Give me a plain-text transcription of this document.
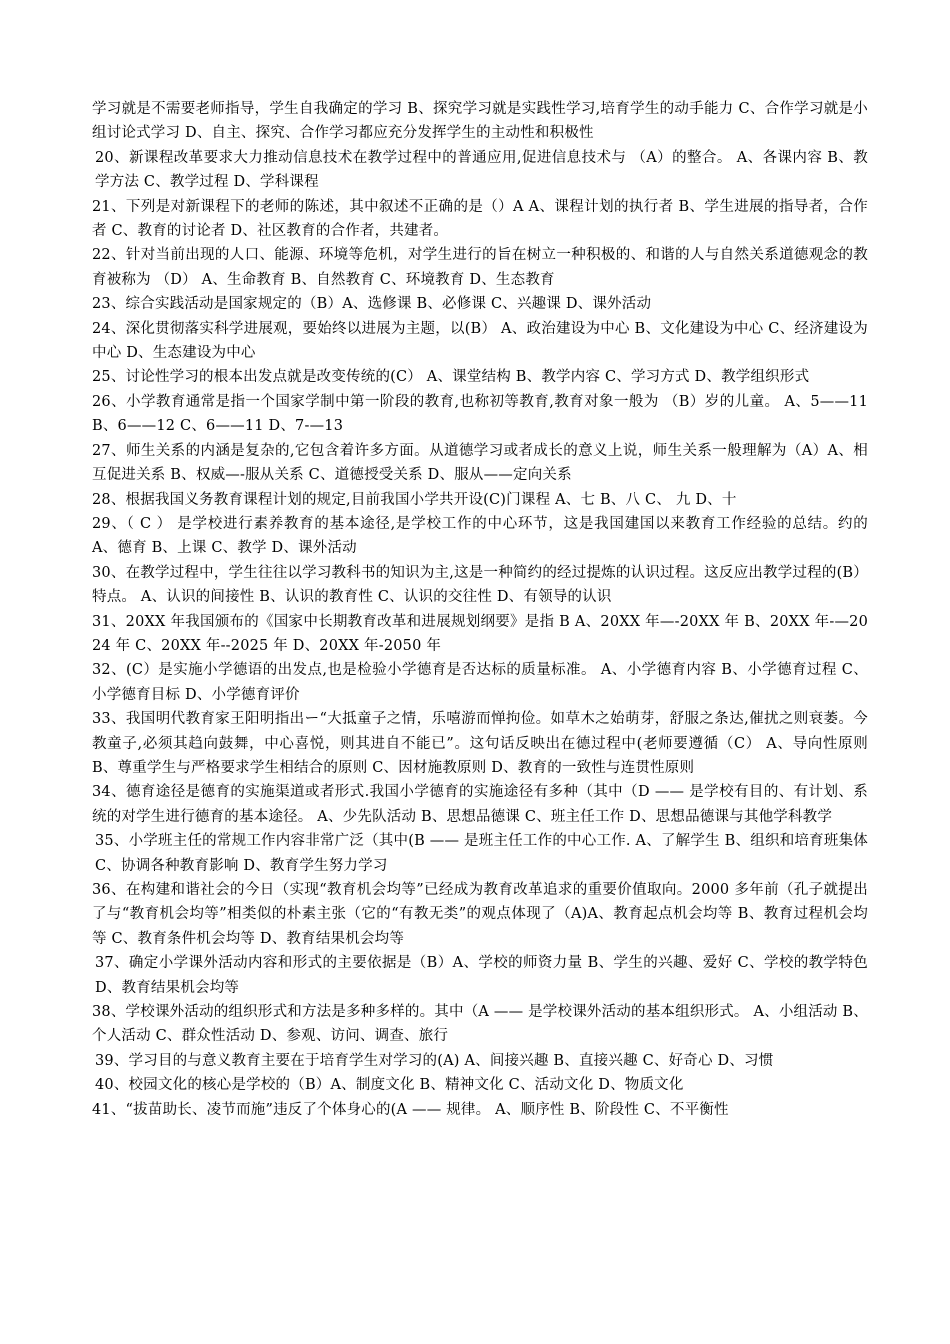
学习就是不需要老师指导，学生自我确定的学习 B、探究学习就是实践性学习,培育学生的动手能力 C、合作学习就是小组讨论式学习 D、自主、探究、合作学习都应充分发挥学生的主动性和积极性

20、新课程改革要求大力推动信息技术在教学过程中的普通应用,促进信息技术与 （A）的整合。 A、各课内容 B、教学方法 C、教学过程 D、学科课程

21、下列是对新课程下的老师的陈述，其中叙述不正确的是（）A A、课程计划的执行者 B、学生进展的指导者，合作者 C、教育的讨论者 D、社区教育的合作者，共建者。

22、针对当前出现的人口、能源、环境等危机，对学生进行的旨在树立一种积极的、和谐的人与自然关系道德观念的教育被称为 （D） A、生命教育 B、自然教育 C、环境教育 D、生态教育

23、综合实践活动是国家规定的（B）A、选修课 B、必修课 C、兴趣课 D、课外活动

24、深化贯彻落实科学进展观，要始终以进展为主题，以(B） A、政治建设为中心 B、文化建设为中心 C、经济建设为中心 D、生态建设为中心

25、讨论性学习的根本出发点就是改变传统的(C） A、课堂结构 B、教学内容 C、学习方式 D、教学组织形式

26、小学教育通常是指一个国家学制中第一阶段的教育,也称初等教育,教育对象一般为 （B）岁的儿童。 A、5——11 B、6——12 C、6——11 D、7-—13

27、师生关系的内涵是复杂的,它包含着许多方面。从道德学习或者成长的意义上说，师生关系一般理解为（A）A、相互促进关系 B、权威—-服从关系 C、道德授受关系 D、服从——定向关系

28、根据我国义务教育课程计划的规定,目前我国小学共开设(C)门课程 A、七 B、八 C、 九 D、十

29、（ C ） 是学校进行素养教育的基本途径,是学校工作的中心环节，这是我国建国以来教育工作经验的总结。约的 A、德育 B、上课 C、教学 D、课外活动

30、在教学过程中，学生往往以学习教科书的知识为主,这是一种简约的经过提炼的认识过程。这反应出教学过程的(B）特点。 A、认识的间接性 B、认识的教育性 C、认识的交往性 D、有领导的认识

31、20XX 年我国颁布的《国家中长期教育改革和进展规划纲要》是指 B A、20XX 年—-20XX 年 B、20XX 年-—2024 年 C、20XX 年--2025 年 D、20XX 年-2050 年

32、(C）是实施小学德语的出发点,也是检验小学德育是否达标的质量标准。 A、小学德育内容 B、小学德育过程 C、小学德育目标 D、小学德育评价

33、我国明代教育家王阳明指出ー“大抵童子之情，乐嘻游而惮拘俭。如草木之始萌芽，舒服之条达,催扰之则衰萎。今教童子,必须其趋向鼓舞，中心喜悦，则其进自不能已”。这句话反映出在德过程中(老师要遵循（C） A、导向性原则 B、尊重学生与严格要求学生相结合的原则 C、因材施教原则 D、教育的一致性与连贯性原则

34、德育途径是德育的实施渠道或者形式.我国小学德育的实施途径有多种（其中（D —— 是学校有目的、有计划、系统的对学生进行德育的基本途径。 A、少先队活动 B、思想品德课 C、班主任工作 D、思想品德课与其他学科教学

35、小学班主任的常规工作内容非常广泛（其中(B —— 是班主任工作的中心工作. A、了解学生 B、组织和培育班集体 C、协调各种教育影响 D、教育学生努力学习

36、在构建和谐社会的今日（实现“教育机会均等”已经成为教育改革追求的重要价值取向。2000 多年前（孔子就提出了与“教育机会均等”相类似的朴素主张（它的“有教无类”的观点体现了（A)A、教育起点机会均等 B、教育过程机会均等 C、教育条件机会均等 D、教育结果机会均等

37、确定小学课外活动内容和形式的主要依据是（B）A、学校的师资力量 B、学生的兴趣、爱好 C、学校的教学特色 D、教育结果机会均等

38、学校课外活动的组织形式和方法是多种多样的。其中（A —— 是学校课外活动的基本组织形式。 A、小组活动 B、个人活动 C、群众性活动 D、参观、访问、调查、旅行

39、学习目的与意义教育主要在于培育学生对学习的(A) A、间接兴趣 B、直接兴趣 C、好奇心 D、习惯

40、校园文化的核心是学校的（B）A、制度文化 B、精神文化 C、活动文化 D、物质文化

41、“拔苗助长、凌节而施”违反了个体身心的(A —— 规律。 A、顺序性 B、阶段性 C、不平衡性
